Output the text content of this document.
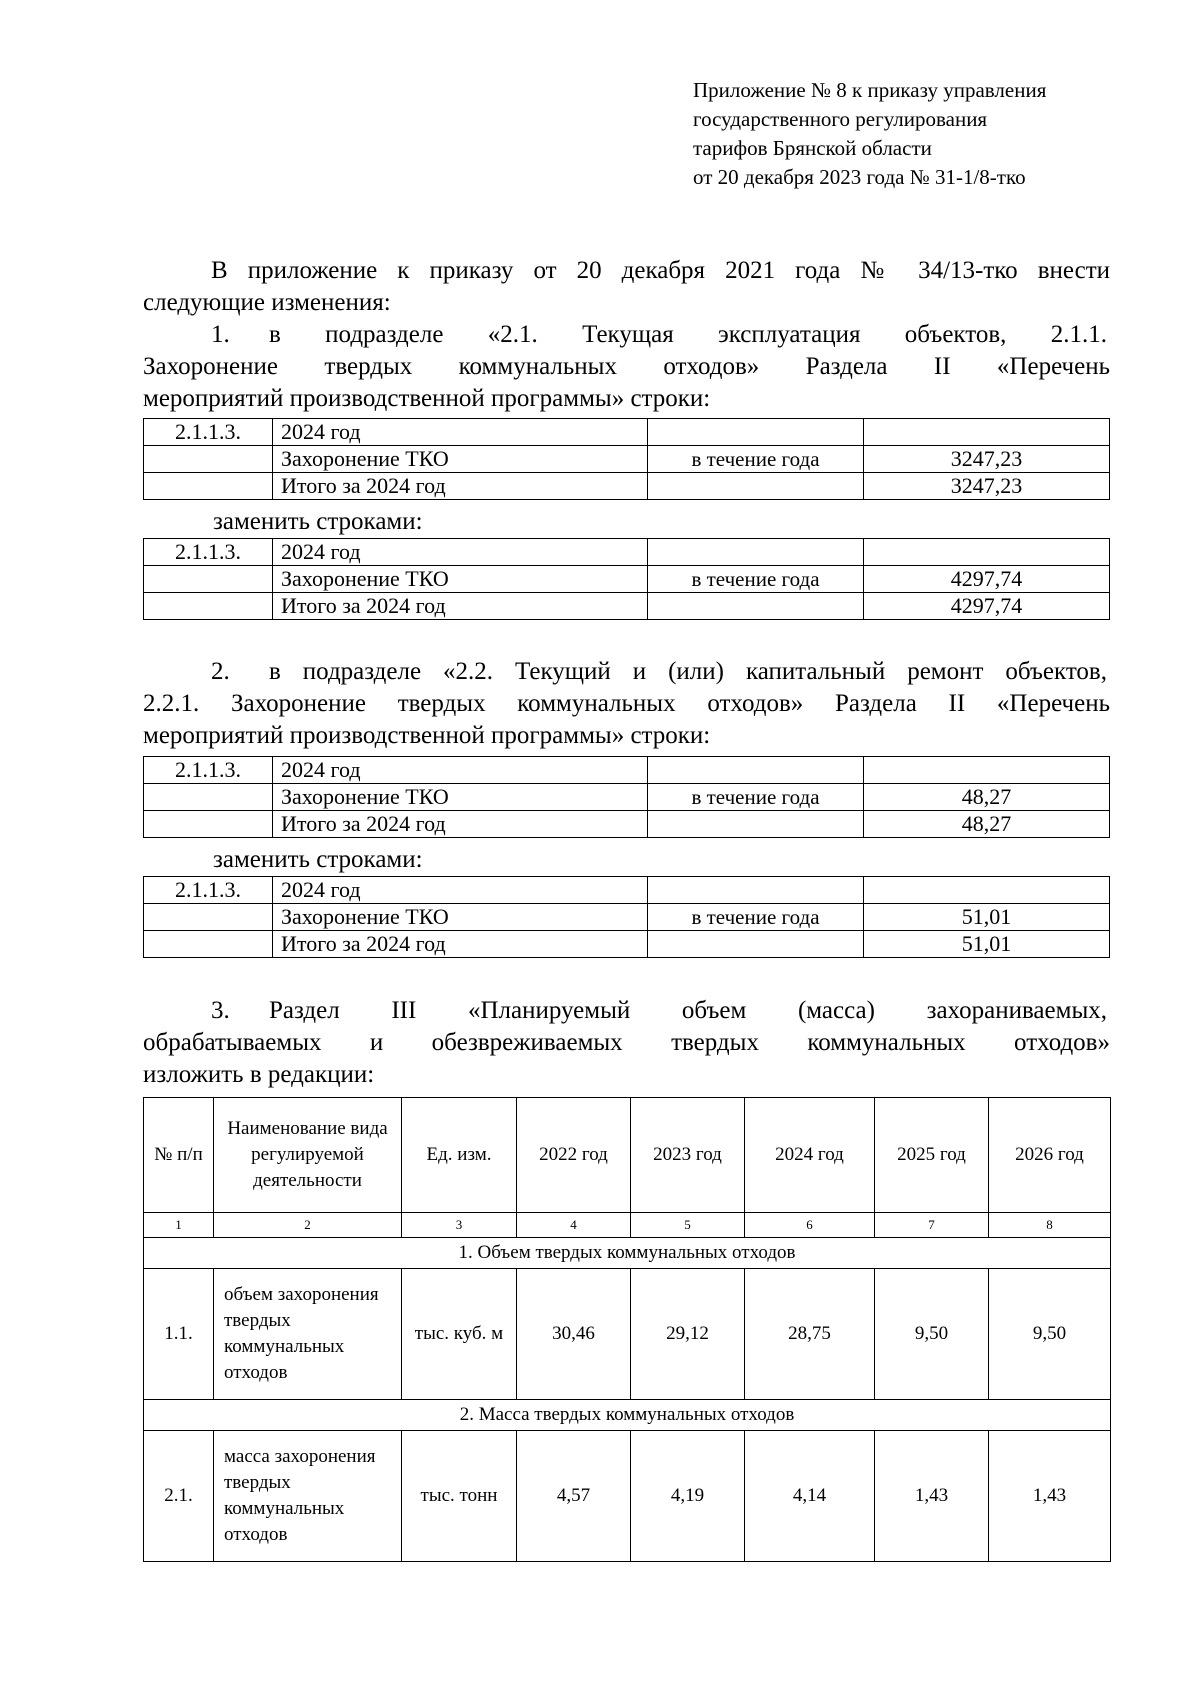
Приложение № 8 к приказу управления
государственного регулирования
тарифов Брянской области
от 20 декабря 2023 года № 31-1/8-тко
В приложение к приказу от 20 декабря 2021 года № 34/13-тко внести
следующие изменения:
1. в подразделе «2.1. Текущая эксплуатация объектов, 2.1.1.
Захоронение твердых коммунальных отходов» Раздела II «Перечень
мероприятий производственной программы» строки:
2.1.1.3.	2024 год		
	Захоронение ТКО	в течение года	3247,23
	Итого за 2024 год		3247,23
заменить строками:
2.1.1.3.	2024 год		
	Захоронение ТКО	в течение года	4297,74
	Итого за 2024 год		4297,74
2. в подразделе «2.2. Текущий и (или) капитальный ремонт объектов,
2.2.1. Захоронение твердых коммунальных отходов» Раздела II «Перечень
мероприятий производственной программы» строки:
2.1.1.3.	2024 год		
	Захоронение ТКО	в течение года	48,27
	Итого за 2024 год		48,27
заменить строками:
2.1.1.3.	2024 год		
	Захоронение ТКО	в течение года	51,01
	Итого за 2024 год		51,01
3. Раздел III «Планируемый объем (масса) захораниваемых,
обрабатываемых и обезвреживаемых твердых коммунальных отходов»
изложить в редакции:
№ п/п	Наименование вида регулируемой деятельности	Ед. изм.	2022 год	2023 год	2024 год	2025 год	2026 год
1	2	3	4	5	6	7	8
1. Объем твердых коммунальных отходов							
1.1.	объем захоронения твердых коммунальных отходов	тыс. куб. м	30,46	29,12	28,75	9,50	9,50
2. Масса твердых коммунальных отходов							
2.1.	масса захоронения твердых коммунальных отходов	тыс. тонн	4,57	4,19	4,14	1,43	1,43
